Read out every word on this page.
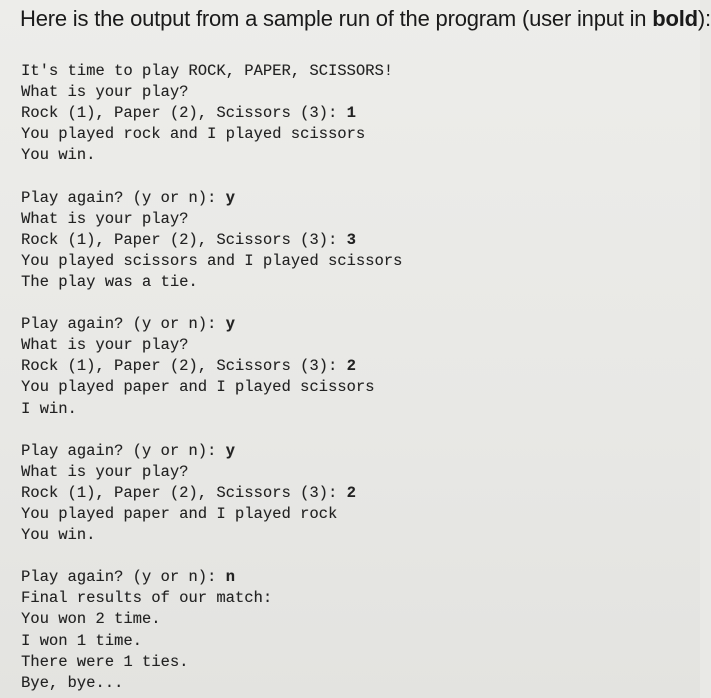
Here is the output from a sample run of the program (user input in bold):
It's time to play ROCK, PAPER, SCISSORS!
What is your play?
Rock (1), Paper (2), Scissors (3): 1
You played rock and I played scissors
You win.
Play again? (y or n): y
What is your play?
Rock (1), Paper (2), Scissors (3): 3
You played scissors and I played scissors
The play was a tie.
Play again? (y or n): y
What is your play?
Rock (1), Paper (2), Scissors (3): 2
You played paper and I played scissors
I win.
Play again? (y or n): y
What is your play?
Rock (1), Paper (2), Scissors (3): 2
You played paper and I played rock
You win.
Play again? (y or n): n
Final results of our match:
You won 2 time.
I won 1 time.
There were 1 ties.
Bye, bye...
